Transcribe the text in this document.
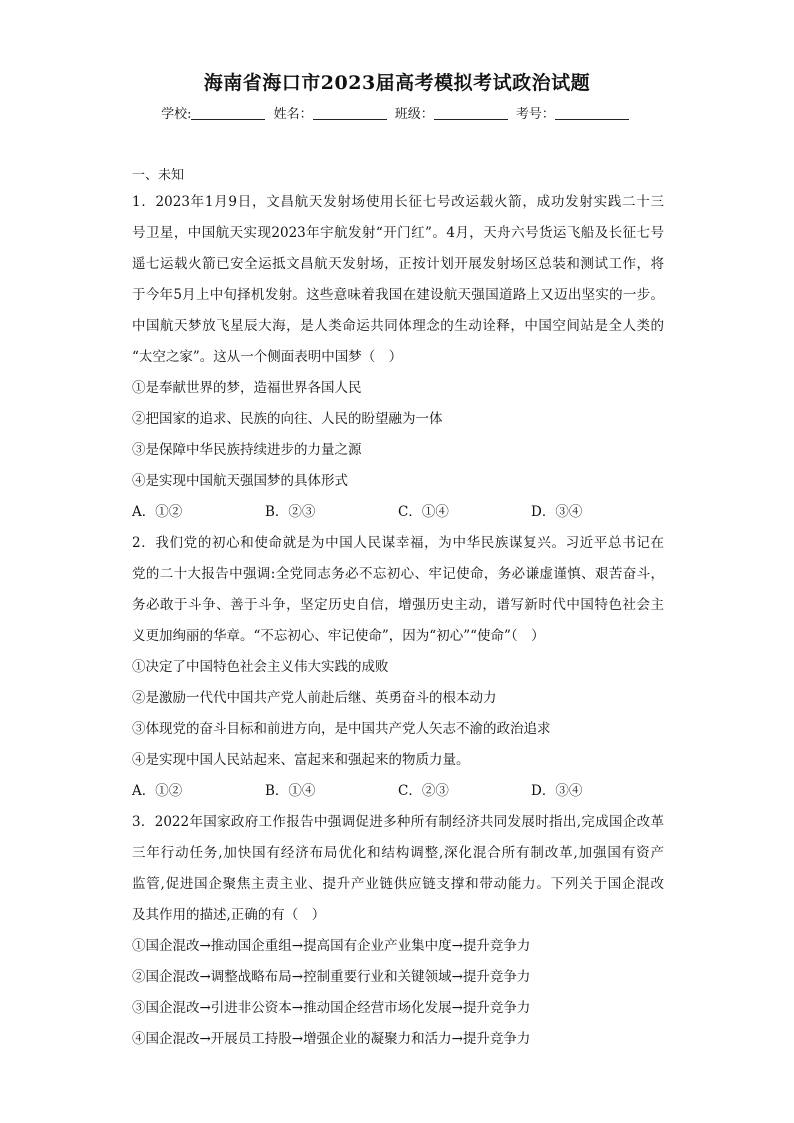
海南省海口市2023届高考模拟考试政治试题
学校:	姓名：	班级：	考号：
一、未知
1．2023年1月9日，文昌航天发射场使用长征七号改运载火箭，成功发射实践二十三
号卫星，中国航天实现2023年宇航发射“开门红”。4月，天舟六号货运飞船及长征七号
遥七运载火箭已安全运抵文昌航天发射场，正按计划开展发射场区总装和测试工作，将
于今年5月上中旬择机发射。这些意味着我国在建设航天强国道路上又迈出坚实的一步。
中国航天梦放飞星辰大海，是人类命运共同体理念的生动诠释，中国空间站是全人类的
“太空之家”。这从一个侧面表明中国梦（　）
①是奉献世界的梦，造福世界各国人民
②把国家的追求、民族的向往、人民的盼望融为一体
③是保障中华民族持续进步的力量之源
④是实现中国航天强国梦的具体形式
A．①②	B．②③	C．①④	D．③④
2．我们党的初心和使命就是为中国人民谋幸福，为中华民族谋复兴。习近平总书记在
党的二十大报告中强调:全党同志务必不忘初心、牢记使命，务必谦虚谨慎、艰苦奋斗，
务必敢于斗争、善于斗争，坚定历史自信，增强历史主动，谱写新时代中国特色社会主
义更加绚丽的华章。“不忘初心、牢记使命”，因为“初心”“使命”（　）
①决定了中国特色社会主义伟大实践的成败
②是激励一代代中国共产党人前赴后继、英勇奋斗的根本动力
③体现党的奋斗目标和前进方向，是中国共产党人矢志不渝的政治追求
④是实现中国人民站起来、富起来和强起来的物质力量。
A．①②	B．①④	C．②③	D．③④
3．2022年国家政府工作报告中强调促进多种所有制经济共同发展时指出,完成国企改革
三年行动任务,加快国有经济布局优化和结构调整,深化混合所有制改革,加强国有资产
监管,促进国企聚焦主责主业、提升产业链供应链支撑和带动能力。下列关于国企混改
及其作用的描述,正确的有（　）
①国企混改→推动国企重组→提高国有企业产业集中度→提升竞争力
②国企混改→调整战略布局→控制重要行业和关键领域→提升竞争力
③国企混改→引进非公资本→推动国企经营市场化发展→提升竞争力
④国企混改→开展员工持股→增强企业的凝聚力和活力→提升竞争力
